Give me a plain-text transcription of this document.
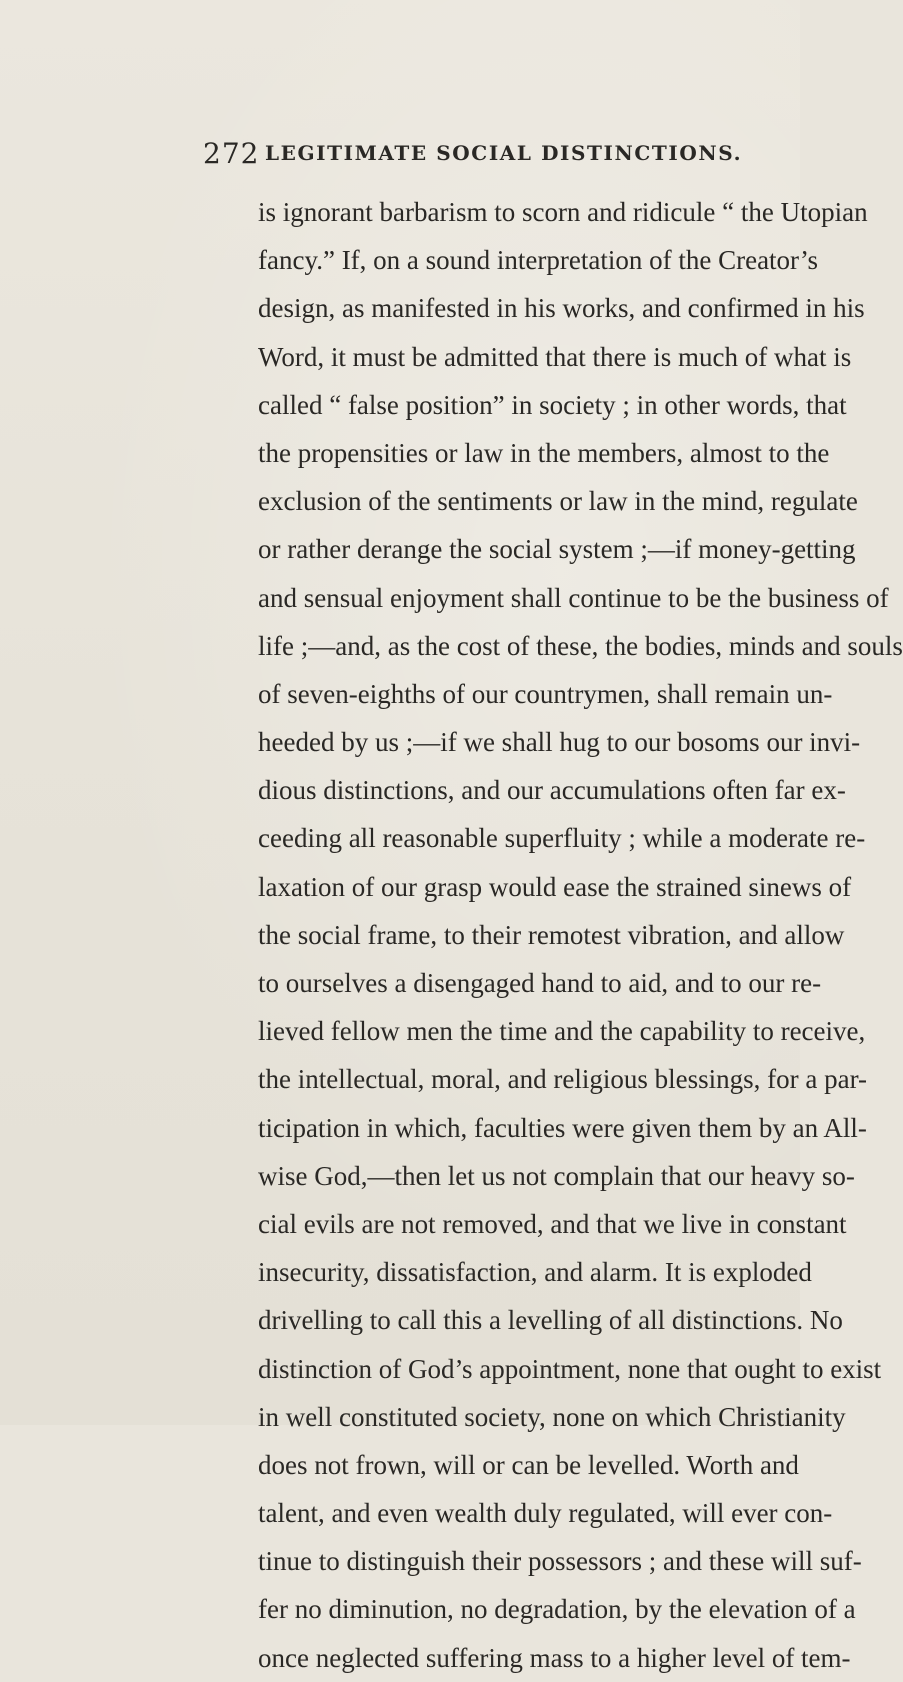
272 LEGITIMATE SOCIAL DISTINCTIONS.
is ignorant barbarism to scorn and ridicule “ the Utopian
fancy.” If, on a sound interpretation of the Creator’s
design, as manifested in his works, and confirmed in his
Word, it must be admitted that there is much of what is
called “ false position” in society ; in other words, that
the propensities or law in the members, almost to the
exclusion of the sentiments or law in the mind, regulate
or rather derange the social system ;—if money-getting
and sensual enjoyment shall continue to be the business of
life ;—and, as the cost of these, the bodies, minds and souls
of seven-eighths of our countrymen, shall remain un-
heeded by us ;—if we shall hug to our bosoms our invi-
dious distinctions, and our accumulations often far ex-
ceeding all reasonable superfluity ; while a moderate re-
laxation of our grasp would ease the strained sinews of
the social frame, to their remotest vibration, and allow
to ourselves a disengaged hand to aid, and to our re-
lieved fellow men the time and the capability to receive,
the intellectual, moral, and religious blessings, for a par-
ticipation in which, faculties were given them by an All-
wise God,—then let us not complain that our heavy so-
cial evils are not removed, and that we live in constant
insecurity, dissatisfaction, and alarm. It is exploded
drivelling to call this a levelling of all distinctions. No
distinction of God’s appointment, none that ought to exist
in well constituted society, none on which Christianity
does not frown, will or can be levelled. Worth and
talent, and even wealth duly regulated, will ever con-
tinue to distinguish their possessors ; and these will suf-
fer no diminution, no degradation, by the elevation of a
once neglected suffering mass to a higher level of tem-
